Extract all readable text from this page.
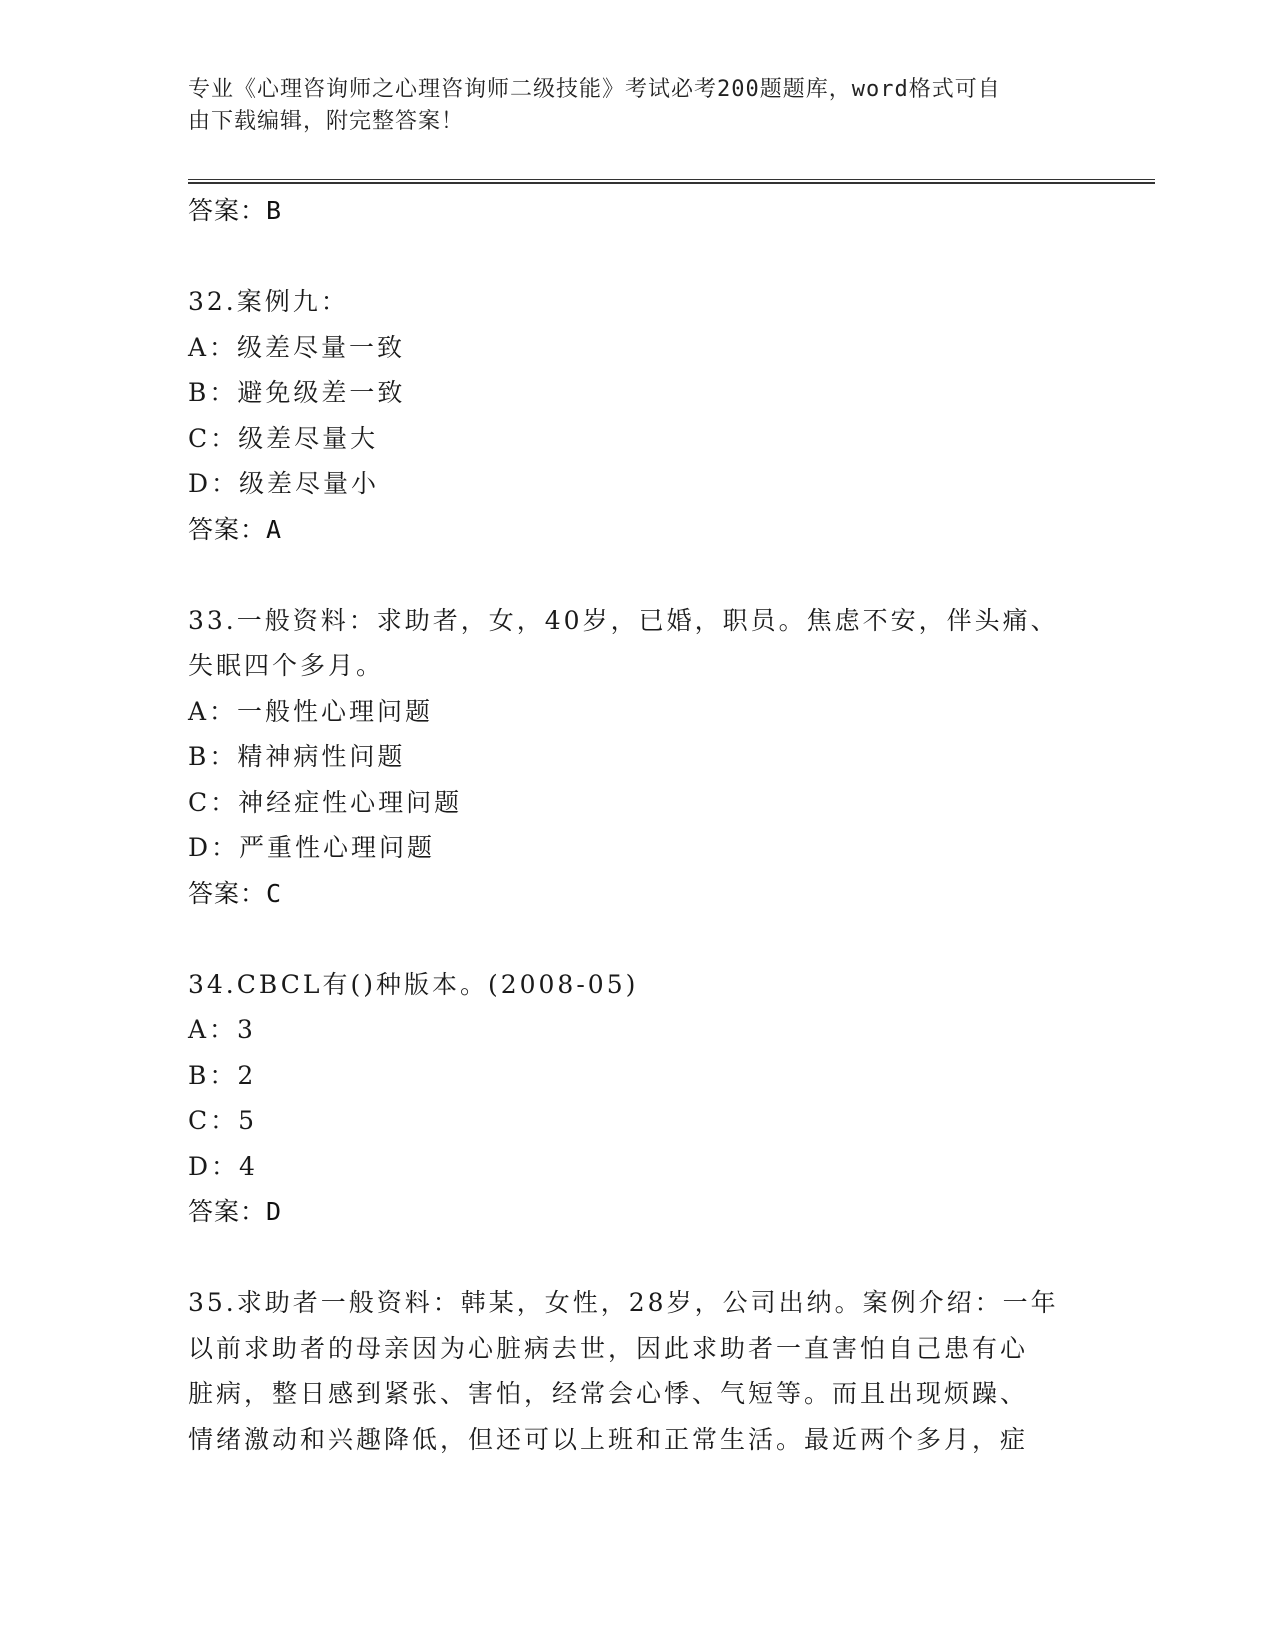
专业《心理咨询师之心理咨询师二级技能》考试必考200题题库，word格式可自
由下载编辑，附完整答案！
答案：B
32.案例九：
A：级差尽量一致
B：避免级差一致
C：级差尽量大
D：级差尽量小
答案：A
33.一般资料：求助者，女，40岁，已婚，职员。焦虑不安，伴头痛、
失眠四个多月。
A：一般性心理问题
B：精神病性问题
C：神经症性心理问题
D：严重性心理问题
答案：C
34.CBCL有()种版本。(2008-05)
A：3
B：2
C：5
D：4
答案：D
35.求助者一般资料：韩某，女性，28岁，公司出纳。案例介绍：一年
以前求助者的母亲因为心脏病去世，因此求助者一直害怕自己患有心
脏病，整日感到紧张、害怕，经常会心悸、气短等。而且出现烦躁、
情绪激动和兴趣降低，但还可以上班和正常生活。最近两个多月，症
